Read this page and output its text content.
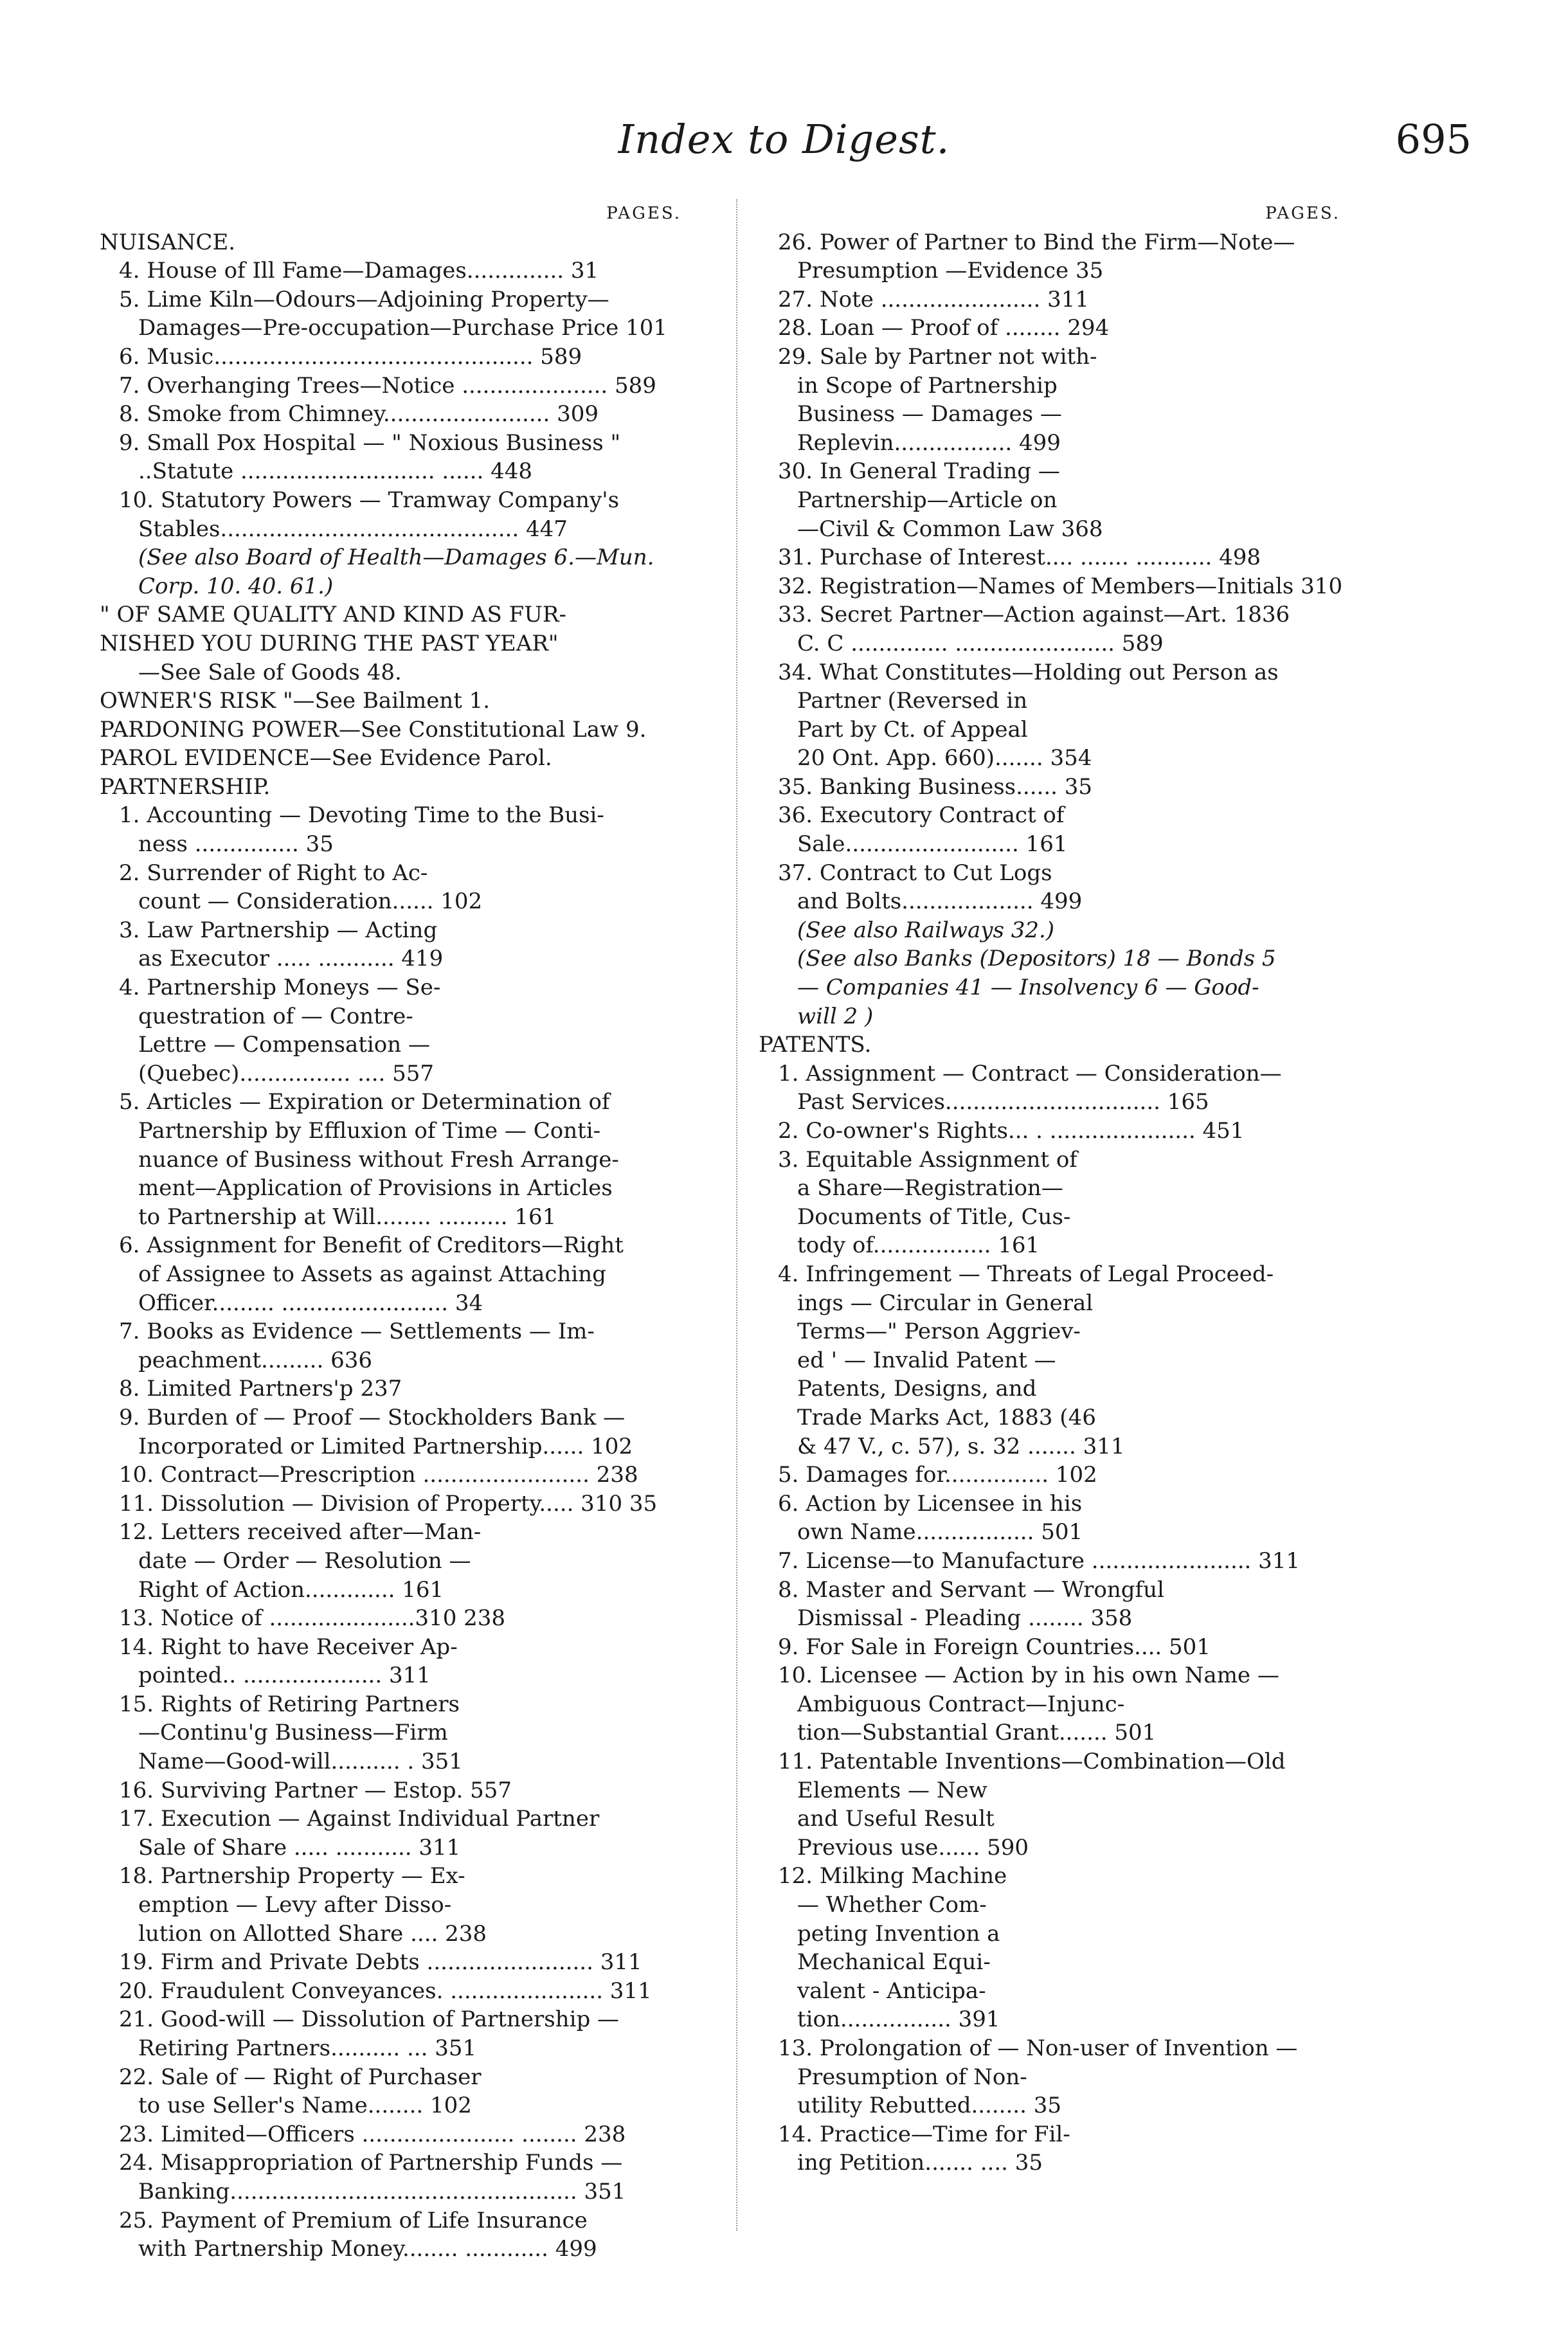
Index to Digest.	695
PAGES.
NUISANCE.
4. House of Ill Fame—Damages.............. 31
5. Lime Kiln—Odours—Adjoining Property—
Damages—Pre-occupation—Purchase Price 101
6. Music.............................................. 589
7. Overhanging Trees—Notice ..................... 589
8. Smoke from Chimney........................ 309
9. Small Pox Hospital — " Noxious Business "
..Statute ............................ ...... 448
10. Statutory Powers — Tramway Company's
Stables........................................... 447
(See also Board of Health—Damages 6.—Mun.
Corp. 10. 40. 61.)
" OF SAME QUALITY AND KIND AS FUR-
NISHED YOU DURING THE PAST YEAR"
—See Sale of Goods 48.
OWNER'S RISK "—See Bailment 1.
PARDONING POWER—See Constitutional Law 9.
PAROL EVIDENCE—See Evidence Parol.
PARTNERSHIP.
1. Accounting — Devoting Time to the Busi-
ness ............... 35
2. Surrender of Right to Ac-
count — Consideration...... 102
3. Law Partnership — Acting
as Executor ..... ........... 419
4. Partnership Moneys — Se-
questration of — Contre-
Lettre — Compensation —
(Quebec)................ .... 557
5. Articles — Expiration or Determination of
Partnership by Effluxion of Time — Conti-
nuance of Business without Fresh Arrange-
ment—Application of Provisions in Articles
to Partnership at Will........ .......... 161
6. Assignment for Benefit of Creditors—Right
of Assignee to Assets as against Attaching
Officer......... ........................ 34
7. Books as Evidence — Settlements — Im-
peachment......... 636
8. Limited Partners'p 237
9. Burden of — Proof — Stockholders Bank —
Incorporated or Limited Partnership...... 102
10. Contract—Prescription ........................ 238
11. Dissolution — Division of Property..... 310 35
12. Letters received after—Man-
date — Order — Resolution —
Right of Action............. 161
13. Notice of .....................310 238
14. Right to have Receiver Ap-
pointed.. .................... 311
15. Rights of Retiring Partners
—Continu'g Business—Firm
Name—Good-will.......... . 351
16. Surviving Partner — Estop. 557
17. Execution — Against Individual Partner
Sale of Share ..... ........... 311
18. Partnership Property — Ex-
emption — Levy after Disso-
lution on Allotted Share .... 238
19. Firm and Private Debts ........................ 311
20. Fraudulent Conveyances. ...................... 311
21. Good-will — Dissolution of Partnership —
Retiring Partners.......... ... 351
22. Sale of — Right of Purchaser
to use Seller's Name........ 102
23. Limited—Officers ...................... ........ 238
24. Misappropriation of Partnership Funds —
Banking.................................................. 351
25. Payment of Premium of Life Insurance
with Partnership Money........ ............ 499
PAGES.
26. Power of Partner to Bind the Firm—Note—
Presumption —Evidence 35
27. Note ....................... 311
28. Loan — Proof of ........ 294
29. Sale by Partner not with-
in Scope of Partnership
Business — Damages —
Replevin................. 499
30. In General Trading —
Partnership—Article on
—Civil & Common Law 368
31. Purchase of Interest.... ....... ........... 498
32. Registration—Names of Members—Initials 310
33. Secret Partner—Action against—Art. 1836
C. C .............. ....................... 589
34. What Constitutes—Holding out Person as
Partner (Reversed in
Part by Ct. of Appeal
20 Ont. App. 660)....... 354
35. Banking Business...... 35
36. Executory Contract of
Sale......................... 161
37. Contract to Cut Logs
and Bolts................... 499
(See also Railways 32.)
(See also Banks (Depositors) 18 — Bonds 5
— Companies 41 — Insolvency 6 — Good-
will 2 )
PATENTS.
1. Assignment — Contract — Consideration—
Past Services............................... 165
2. Co-owner's Rights... . ..................... 451
3. Equitable Assignment of
a Share—Registration—
Documents of Title, Cus-
tody of................. 161
4. Infringement — Threats of Legal Proceed-
ings — Circular in General
Terms—" Person Aggriev-
ed ' — Invalid Patent —
Patents, Designs, and
Trade Marks Act, 1883 (46
& 47 V., c. 57), s. 32 ....... 311
5. Damages for............... 102
6. Action by Licensee in his
own Name................. 501
7. License—to Manufacture ....................... 311
8. Master and Servant — Wrongful
Dismissal - Pleading ........ 358
9. For Sale in Foreign Countries.... 501
10. Licensee — Action by in his own Name —
Ambiguous Contract—Injunc-
tion—Substantial Grant....... 501
11. Patentable Inventions—Combination—Old
Elements — New
and Useful Result
Previous use...... 590
12. Milking Machine
— Whether Com-
peting Invention a
Mechanical Equi-
valent - Anticipa-
tion................ 391
13. Prolongation of — Non-user of Invention —
Presumption of Non-
utility Rebutted........ 35
14. Practice—Time for Fil-
ing Petition....... .... 35
